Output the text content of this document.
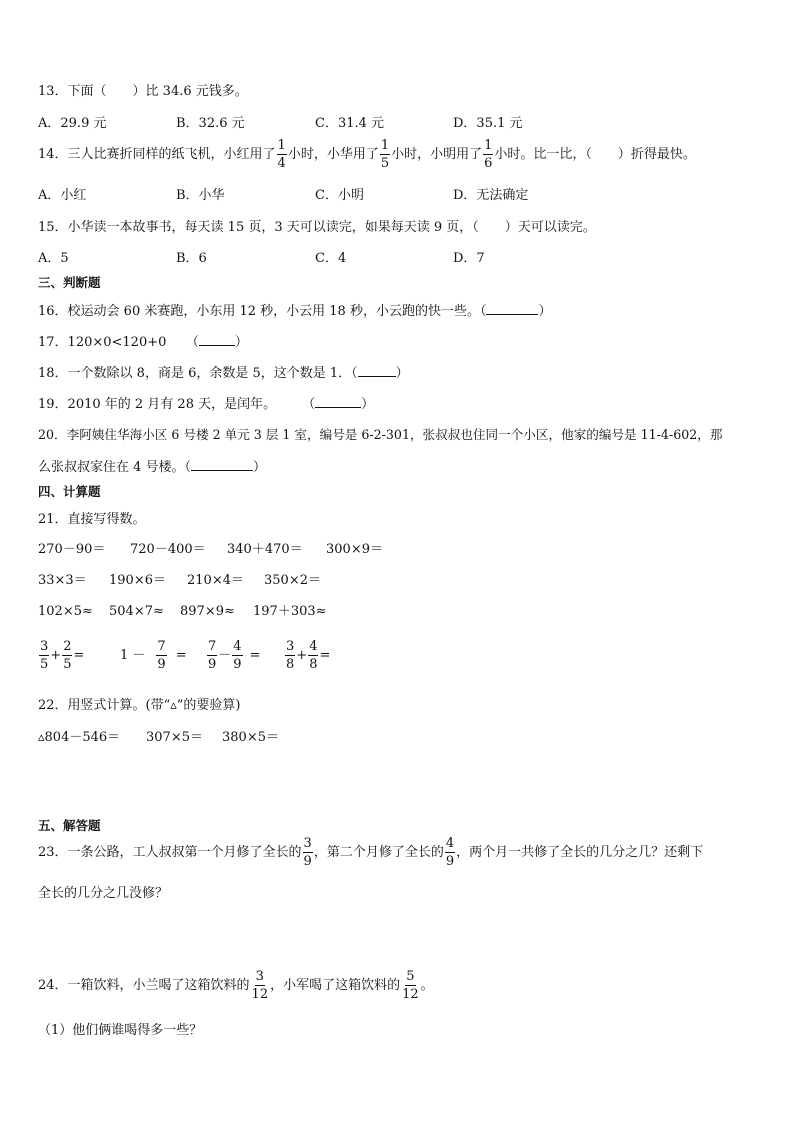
13．下面（　　）比 34.6 元钱多。
A．29.9 元	B．32.6 元	C．31.4 元	D．35.1 元
14．三人比赛折同样的纸飞机，小红用了 $\frac{1}{4}$ 小时，小华用了 $\frac{1}{5}$ 小时，小明用了 $\frac{1}{6}$ 小时。比一比，（　　）折得最快。
A．小红	B．小华	C．小明	D．无法确定
15．小华读一本故事书，每天读 15 页，3 天可以读完，如果每天读 9 页，（　　）天可以读完。
A．5	B．6	C．4	D．7
三、判断题
16．校运动会 60 米赛跑，小东用 12 秒，小云用 18 秒，小云跑的快一些。（	）
17．120×0<120+0　　（	）
18．一个数除以 8，商是 6，余数是 5，这个数是 1．（	）
19．2010 年的 2 月有 28 天，是闰年。　　　（	）
20．李阿姨住华海小区 6 号楼 2 单元 3 层 1 室，编号是 6-2-301，张叔叔也住同一个小区，他家的编号是 11-4-602，那
么张叔叔家住在 4 号楼。（	）
四、计算题
21．直接写得数。
270－90＝ 720－400＝ 340＋470＝ 300×9＝
33×3＝ 190×6＝ 210×4＝ 350×2＝
102×5≈ 504×7≈ 897×9≈ 197＋303≈
$\frac{3}{5} + \frac{2}{5}$ =	$1 - \frac{7}{9} = \frac{7}{9} - \frac{4}{9} = \frac{3}{8} + \frac{4}{8}$ =
22．用竖式计算。(带“▵”的要验算)
▵804－546＝ 307×5＝ 380×5＝
五、解答题
23．一条公路，工人叔叔第一个月修了全长的 $\frac{3}{9}$ ，第二个月修了全长的 $\frac{4}{9}$ ，两个月一共修了全长的几分之几？还剩下
全长的几分之几没修？
24．一箱饮料，小兰喝了这箱饮料的 $\frac{3}{12}$ ，小军喝了这箱饮料的 $\frac{5}{12}$ 。
（1）他们俩谁喝得多一些？
